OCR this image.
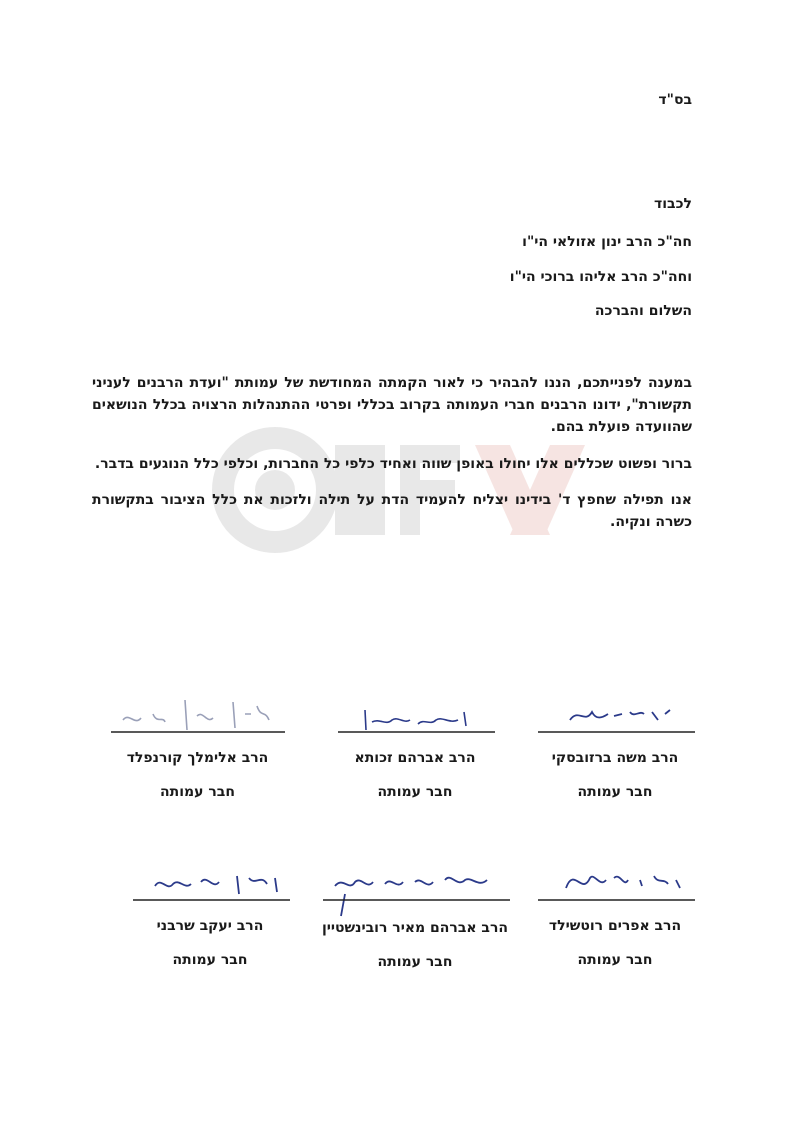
בס"ד
לכבוד
חה"כ הרב ינון אזולאי הי"ו
וחה"כ הרב אליהו ברוכי הי"ו
השלום והברכה
במענה לפנייתכם, הננו להבהיר כי לאור הקמתה המחודשת של עמותת "ועדת הרבנים לעניני תקשורת", ידונו הרבנים חברי העמותה בקרוב בכללי ופרטי ההתנהלות הרצויה בכלל הנושאים שהוועדה פועלת בהם.
ברור ופשוט שכללים אלו יחולו באופן שווה ואחיד כלפי כל החברות, וכלפי כלל הנוגעים בדבר.
אנו תפילה שחפץ ד' בידינו יצליח להעמיד הדת על תילה ולזכות את כלל הציבור בתקשורת כשרה ונקיה.
הרב משה ברזובסקי
חבר עמותה
הרב אברהם זכותא
חבר עמותה
הרב אלימלך קורנפלד
חבר עמותה
הרב אפרים רוטשילד
חבר עמותה
הרב אברהם מאיר רובינשטיין
חבר עמותה
הרב יעקב שרבני
חבר עמותה
